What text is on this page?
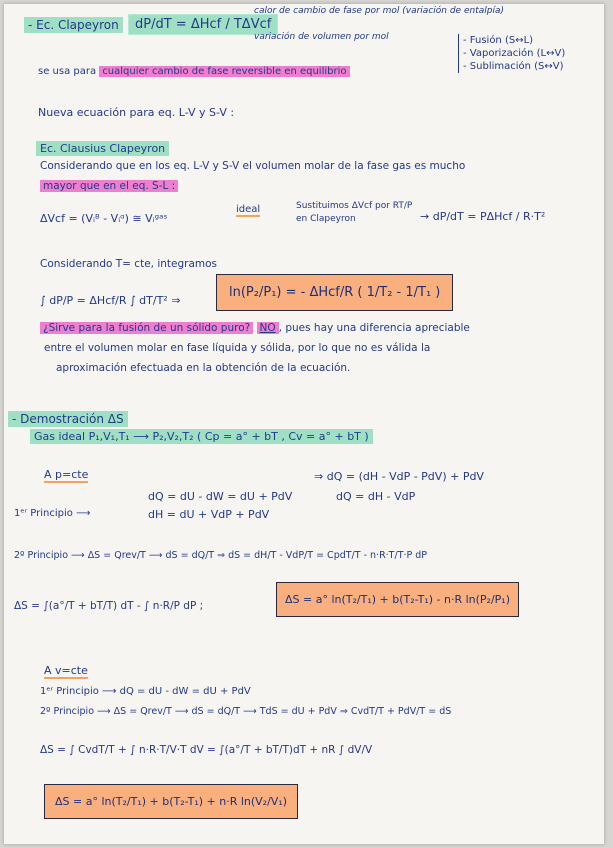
- Ec. Clapeyron	dP/dT = ΔHcf / TΔVcf
calor de cambio de fase por mol (variación de entalpía)
variación de volumen por mol
se usa para cualquier cambio de fase reversible en equilibrio
- Fusión (S↔L)
- Vaporización (L↔V)
- Sublimación (S↔V)
Nueva ecuación para eq. L-V y S-V :
Ec. Clausius Clapeyron
Considerando que en los eq. L-V y S-V el volumen molar de la fase gas es mucho
mayor que en el eq. S-L :
ΔVcf = (Vᵢᴮ - Vᵢᵅ) ≅ Vᵢᵍᵃˢ
ideal	Sustituimos ΔVcf por RT/P en Clapeyron	→ dP/dT = PΔHcf / R·T²
Considerando T= cte, integramos
∫ dP/P = ΔHcf/R ∫ dT/T² ⇒
ln(P₂/P₁) = - ΔHcf/R ( 1/T₂ - 1/T₁ )
¿Sirve para la fusión de un sólido puro? NO , pues hay una diferencia apreciable
entre el volumen molar en fase líquida y sólida, por lo que no es válida la
aproximación efectuada en la obtención de la ecuación.
- Demostración ΔS
Gas ideal P₁,V₁,T₁ ⟶ P₂,V₂,T₂ ( Cp = a° + bT , Cv = a° + bT )
A p=cte
1ᵉʳ Principio ⟶
dQ = dU - dW = dU + PdV
dH = dU + VdP + PdV
⇒ dQ = (dH - VdP - PdV) + PdV
dQ = dH - VdP
2º Principio ⟶ ΔS = Qrev/T ⟶ dS = dQ/T ⇒ dS = dH/T - VdP/T = CpdT/T - n·R·T/T·P dP
ΔS = ∫(a°/T + bT/T) dT - ∫ n·R/P dP ;	ΔS = a° ln(T₂/T₁) + b(T₂-T₁) - n·R ln(P₂/P₁)
A v=cte
1ᵉʳ Principio ⟶ dQ = dU - dW = dU + PdV
2º Principio ⟶ ΔS = Qrev/T ⟶ dS = dQ/T ⟶ TdS = dU + PdV ⇒ CvdT/T + PdV/T = dS
ΔS = ∫ CvdT/T + ∫ n·R·T/V·T dV = ∫(a°/T + bT/T)dT + nR ∫ dV/V
ΔS = a° ln(T₂/T₁) + b(T₂-T₁) + n·R ln(V₂/V₁)
